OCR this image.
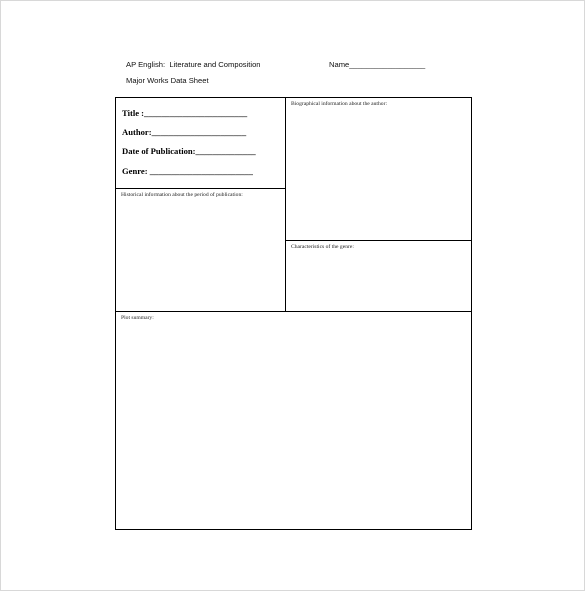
AP English:  Literature and Composition	Name__________________
Major Works Data Sheet
Title :________________________
Author:______________________
Date of Publication:______________
Genre: ________________________
Biographical information about the author:
Historical information about the period of publication:
Characteristics of the genre:
Plot summary:
